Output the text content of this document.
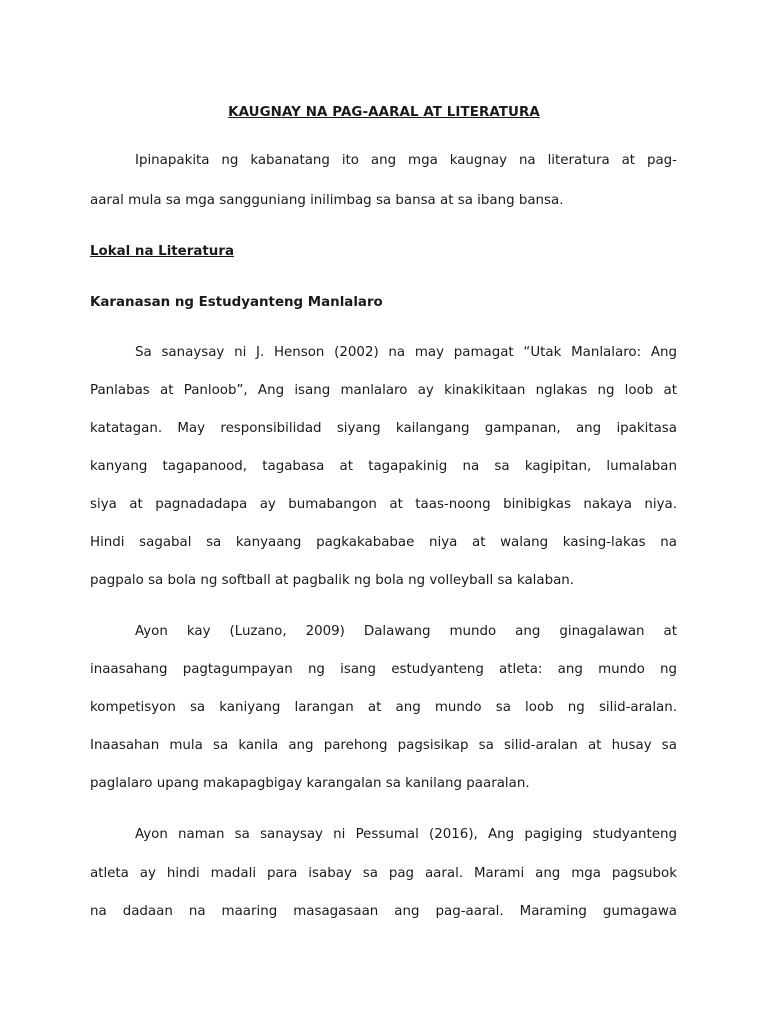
KAUGNAY NA PAG-AARAL AT LITERATURA
Ipinapakita ng kabanatang ito ang mga kaugnay na literatura at pag-
aaral mula sa mga sangguniang inilimbag sa bansa at sa ibang bansa.
Lokal na Literatura
Karanasan ng Estudyanteng Manlalaro
Sa sanaysay ni J. Henson (2002) na may pamagat “Utak Manlalaro: Ang
Panlabas at Panloob”, Ang isang manlalaro ay kinakikitaan nglakas ng loob at
katatagan. May responsibilidad siyang kailangang gampanan, ang ipakitasa
kanyang tagapanood, tagabasa at tagapakinig na sa kagipitan, lumalaban
siya at pagnadadapa ay bumabangon at taas-noong binibigkas nakaya niya.
Hindi sagabal sa kanyaang pagkakababae niya at walang kasing-lakas na
pagpalo sa bola ng softball at pagbalik ng bola ng volleyball sa kalaban.
Ayon kay (Luzano, 2009) Dalawang mundo ang ginagalawan at
inaasahang pagtagumpayan ng isang estudyanteng atleta: ang mundo ng
kompetisyon sa kaniyang larangan at ang mundo sa loob ng silid-aralan.
Inaasahan mula sa kanila ang parehong pagsisikap sa silid-aralan at husay sa
paglalaro upang makapagbigay karangalan sa kanilang paaralan.
Ayon naman sa sanaysay ni Pessumal (2016), Ang pagiging studyanteng
atleta ay hindi madali para isabay sa pag aaral. Marami ang mga pagsubok
na dadaan na maaring masagasaan ang pag-aaral. Maraming gumagawa
